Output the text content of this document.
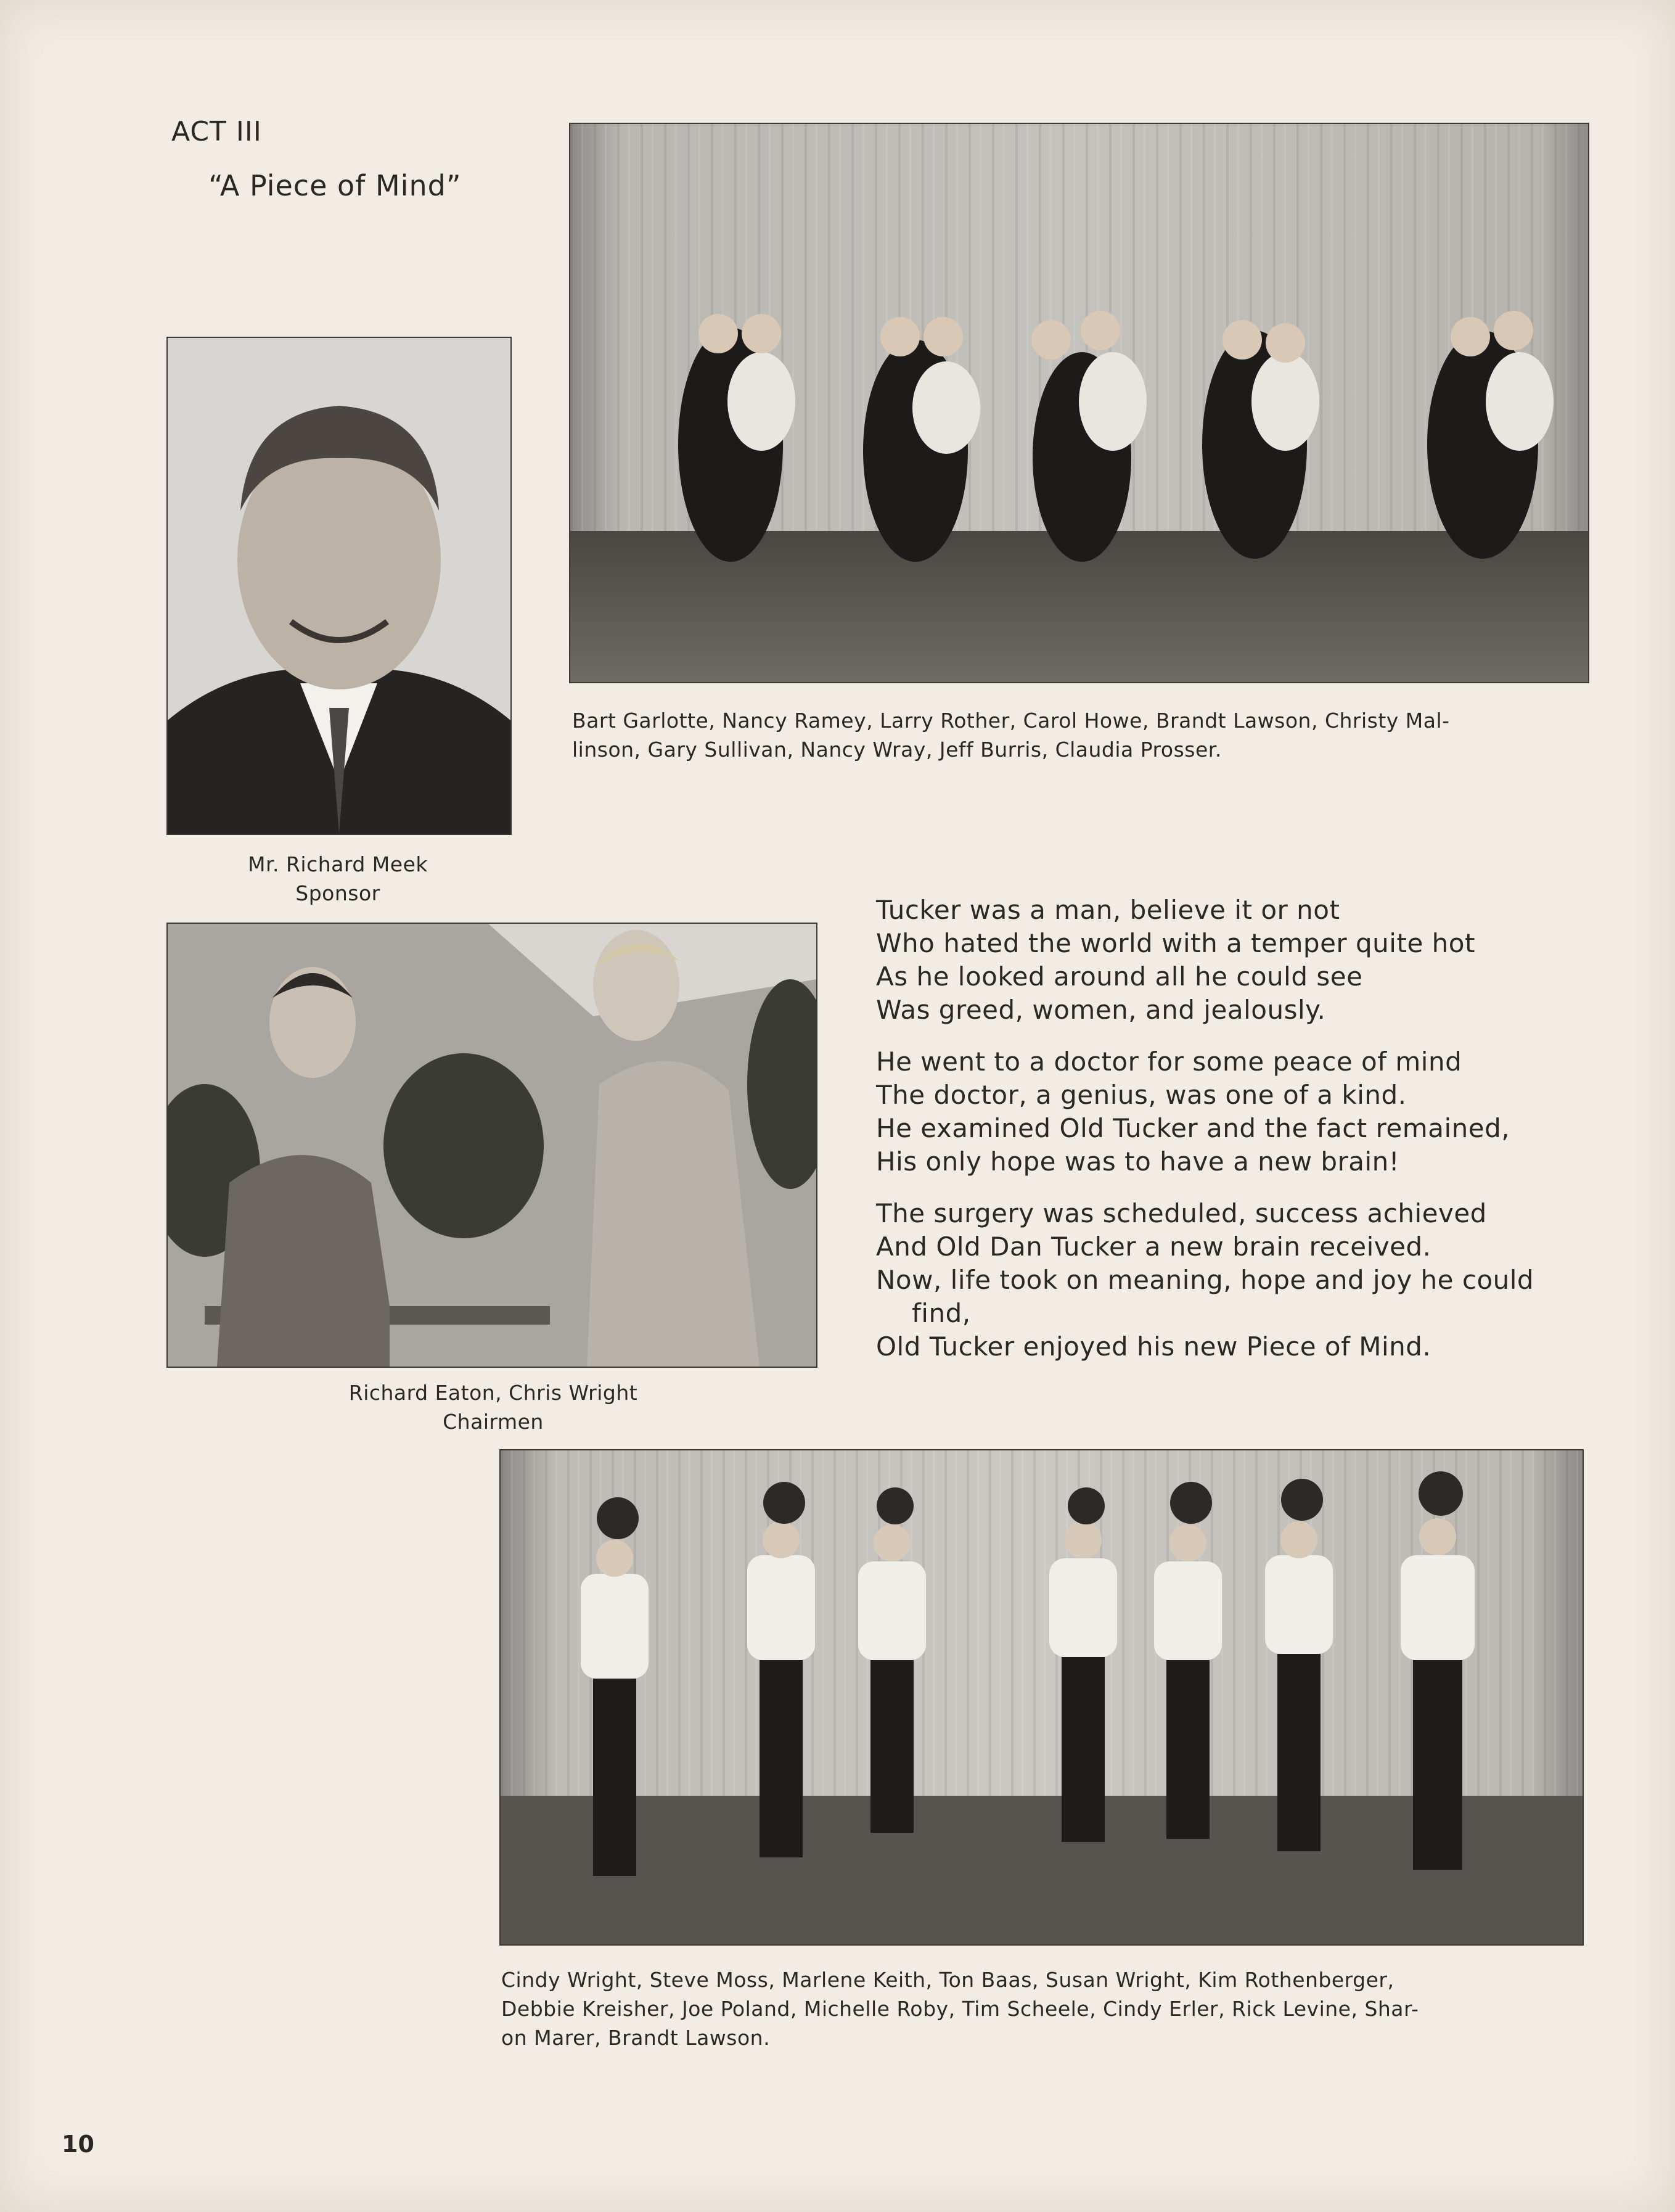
ACT III
“A Piece of Mind”
Mr. Richard Meek
Sponsor
Bart Garlotte, Nancy Ramey, Larry Rother, Carol Howe, Brandt Lawson, Christy Mal-
linson, Gary Sullivan, Nancy Wray, Jeff Burris, Claudia Prosser.
Richard Eaton, Chris Wright
Chairmen
Tucker was a man, believe it or not
Who hated the world with a temper quite hot
As he looked around all he could see
Was greed, women, and jealously.
He went to a doctor for some peace of mind
The doctor, a genius, was one of a kind.
He examined Old Tucker and the fact remained,
His only hope was to have a new brain!
The surgery was scheduled, success achieved
And Old Dan Tucker a new brain received.
Now, life took on meaning, hope and joy he could
find,
Old Tucker enjoyed his new Piece of Mind.
Cindy Wright, Steve Moss, Marlene Keith, Ton Baas, Susan Wright, Kim Rothenberger,
Debbie Kreisher, Joe Poland, Michelle Roby, Tim Scheele, Cindy Erler, Rick Levine, Shar-
on Marer, Brandt Lawson.
10
